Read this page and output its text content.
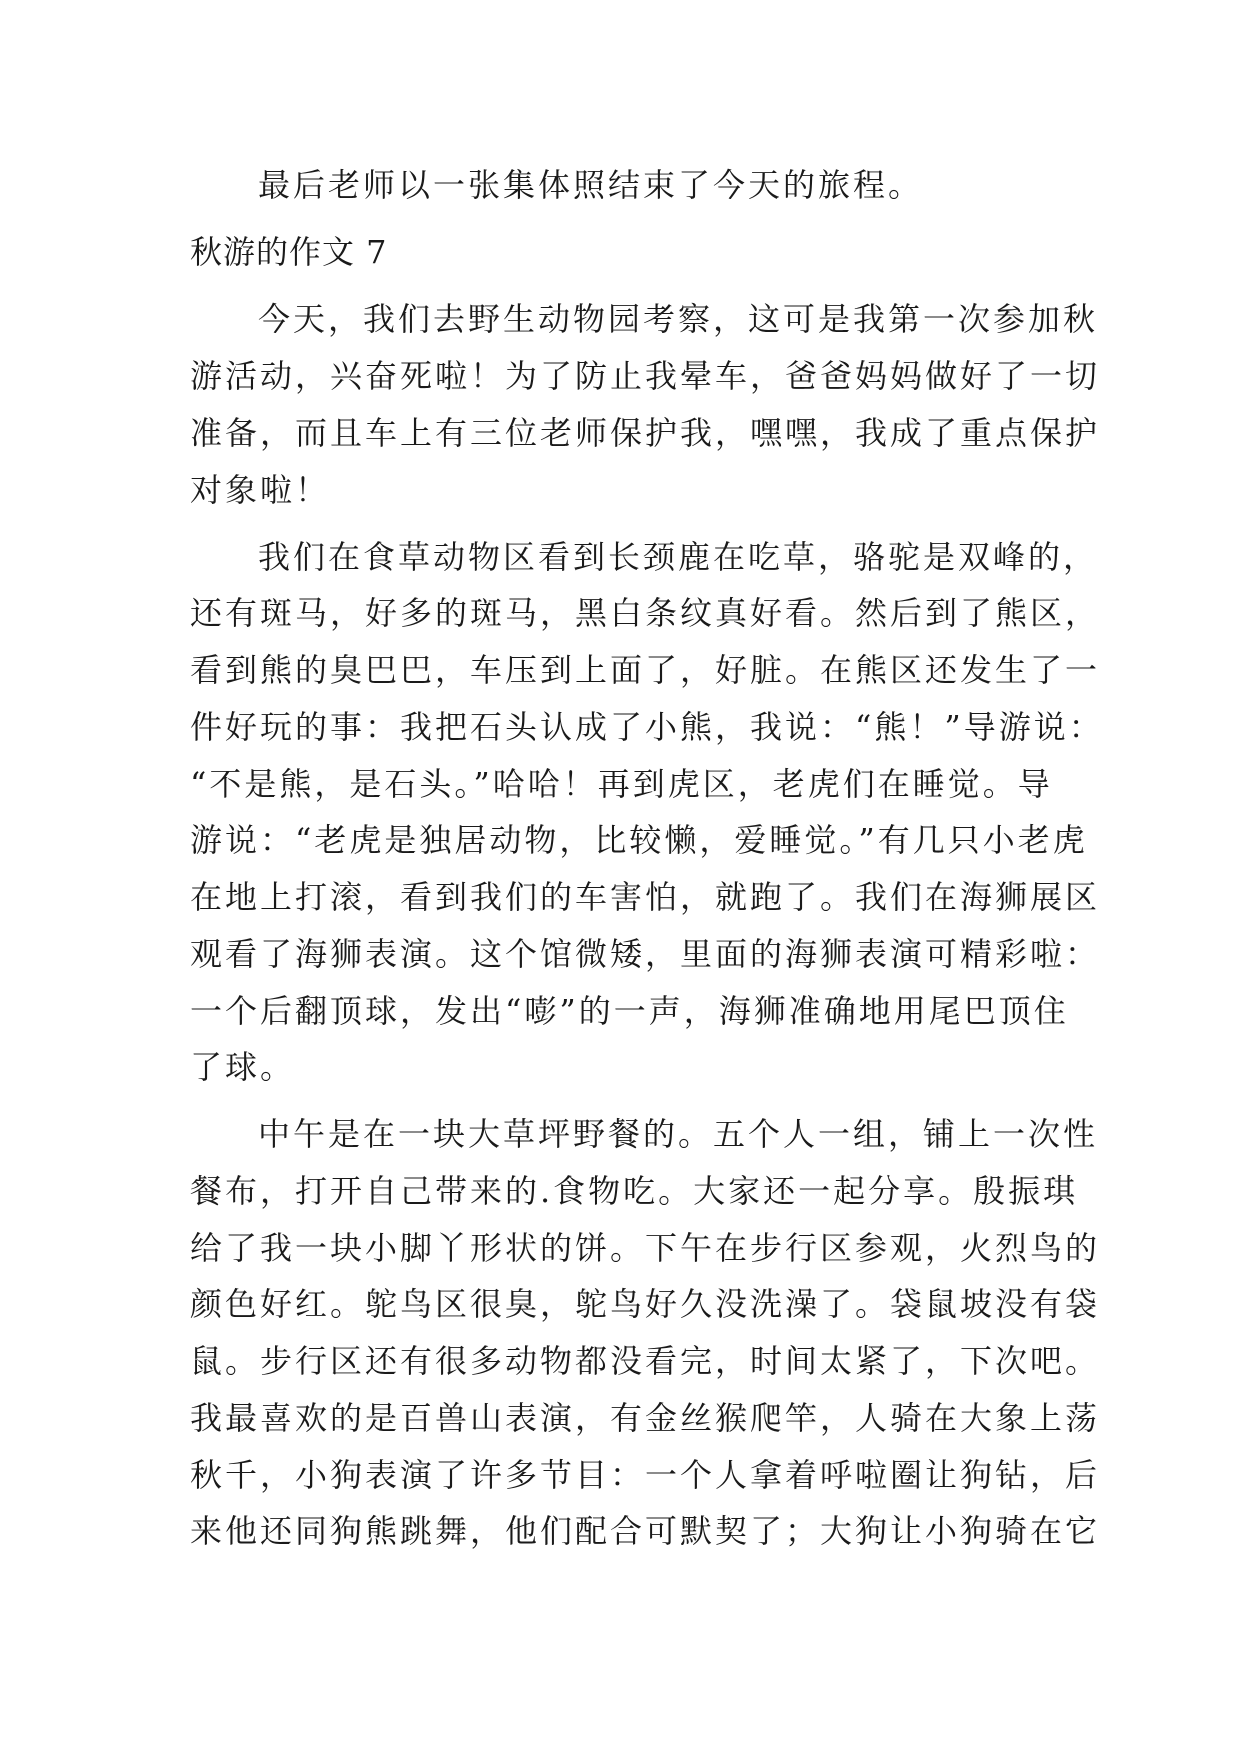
最后老师以一张集体照结束了今天的旅程。
秋游的作文 7
今天，我们去野生动物园考察，这可是我第一次参加秋
游活动，兴奋死啦！为了防止我晕车，爸爸妈妈做好了一切
准备，而且车上有三位老师保护我，嘿嘿，我成了重点保护
对象啦！
我们在食草动物区看到长颈鹿在吃草，骆驼是双峰的，
还有斑马，好多的斑马，黑白条纹真好看。然后到了熊区，
看到熊的臭巴巴，车压到上面了，好脏。在熊区还发生了一
件好玩的事：我把石头认成了小熊，我说：“熊！”导游说：
“不是熊，是石头。”哈哈！再到虎区，老虎们在睡觉。导
游说：“老虎是独居动物，比较懒，爱睡觉。”有几只小老虎
在地上打滚，看到我们的车害怕，就跑了。我们在海狮展区
观看了海狮表演。这个馆微矮，里面的海狮表演可精彩啦：
一个后翻顶球，发出“嘭”的一声，海狮准确地用尾巴顶住
了球。
中午是在一块大草坪野餐的。五个人一组，铺上一次性
餐布，打开自己带来的.食物吃。大家还一起分享。殷振琪
给了我一块小脚丫形状的饼。下午在步行区参观，火烈鸟的
颜色好红。鸵鸟区很臭，鸵鸟好久没洗澡了。袋鼠坡没有袋
鼠。步行区还有很多动物都没看完，时间太紧了，下次吧。
我最喜欢的是百兽山表演，有金丝猴爬竿，人骑在大象上荡
秋千，小狗表演了许多节目：一个人拿着呼啦圈让狗钻，后
来他还同狗熊跳舞，他们配合可默契了；大狗让小狗骑在它
